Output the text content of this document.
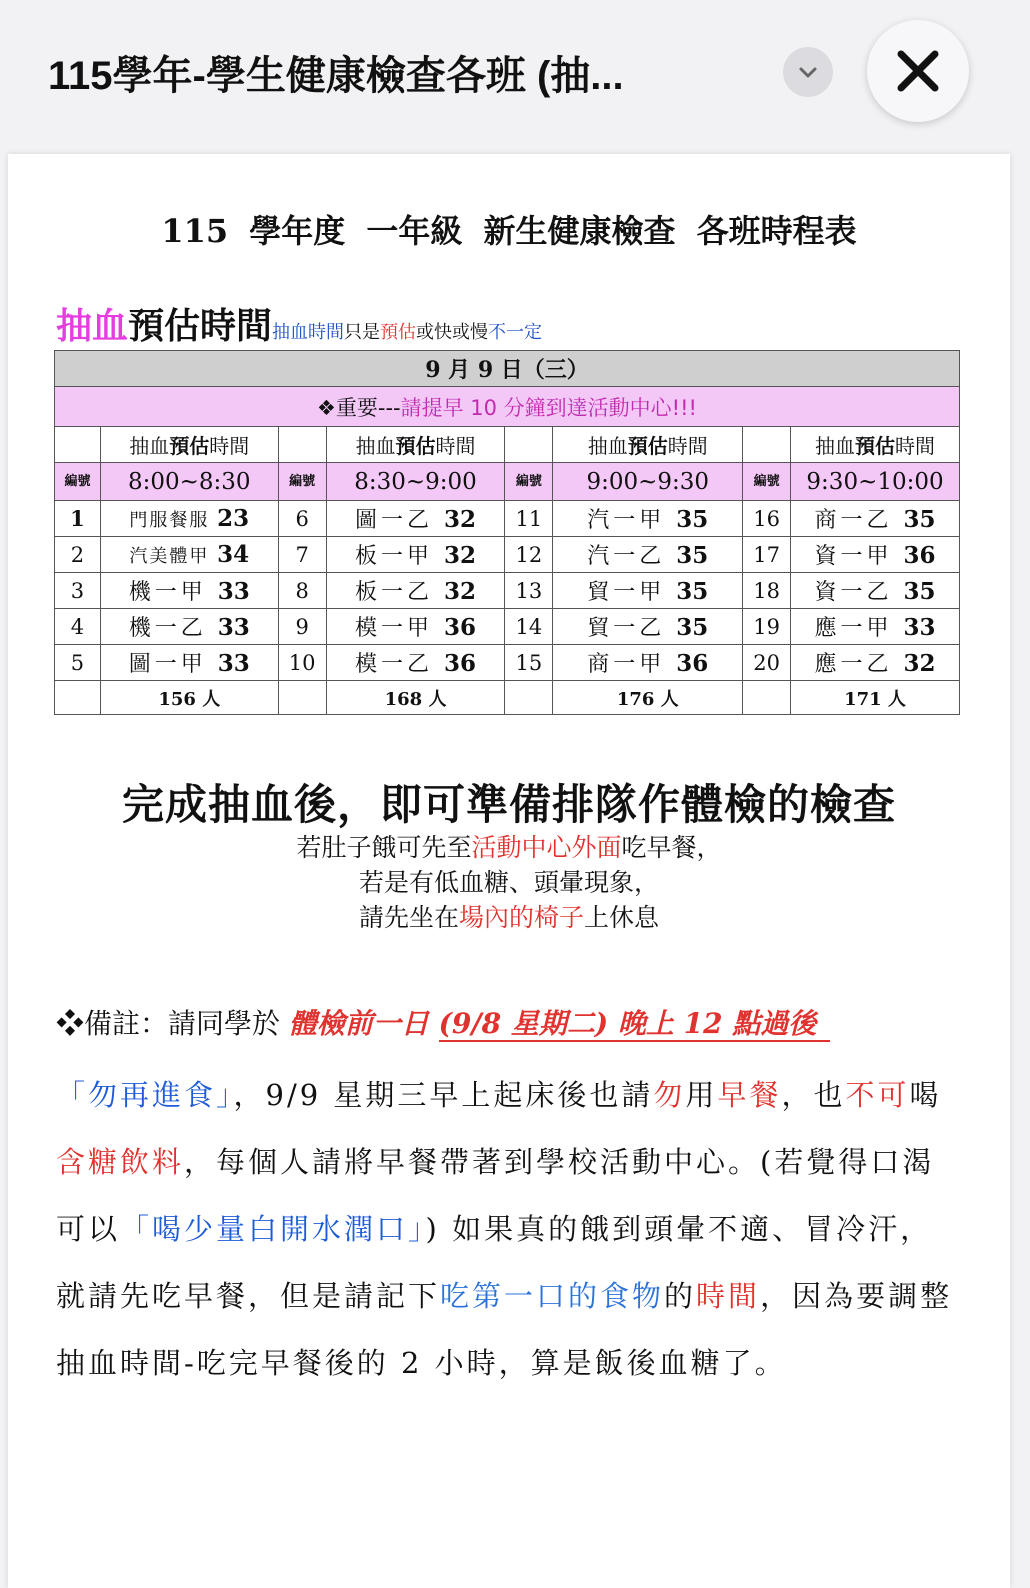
115學年-學生健康檢查各班 (抽...
115 學年度 一年級 新生健康檢查 各班時程表
抽血預估時間抽血時間只是預估或快或慢不一定
9 月 9 日（三）							
❖重要---請提早 10 分鐘到達活動中心!!!							
	抽血預估時間		抽血預估時間		抽血預估時間		抽血預估時間

編號	8:00~8:30	編號	8:30~9:00	編號	9:00~9:30	編號	9:30~10:00
1	門服餐服 23	6	圖一乙 32	11	汽一甲 35	16	商一乙 35
2	汽美體甲 34	7	板一甲 32	12	汽一乙 35	17	資一甲 36
3	機一甲 33	8	板一乙 32	13	貿一甲 35	18	資一乙 35
4	機一乙 33	9	模一甲 36	14	貿一乙 35	19	應一甲 33
5	圖一甲 33	10	模一乙 36	15	商一甲 36	20	應一乙 32
	156 人		168 人		176 人		171 人
完成抽血後，即可準備排隊作體檢的檢查
若肚子餓可先至活動中心外面吃早餐，
若是有低血糖、頭暈現象，
請先坐在場內的椅子上休息
❖備註：請同學於 體檢前一日 (9/8 星期二) 晚上 12 點過後
「勿再進食」，9/9 星期三早上起床後也請勿用早餐，也不可喝含糖飲料，每個人請將早餐帶著到學校活動中心。(若覺得口渴可以「喝少量白開水潤口」) 如果真的餓到頭暈不適、冒冷汗，就請先吃早餐，但是請記下吃第一口的食物的時間，因為要調整抽血時間-吃完早餐後的 2 小時，算是飯後血糖了。
